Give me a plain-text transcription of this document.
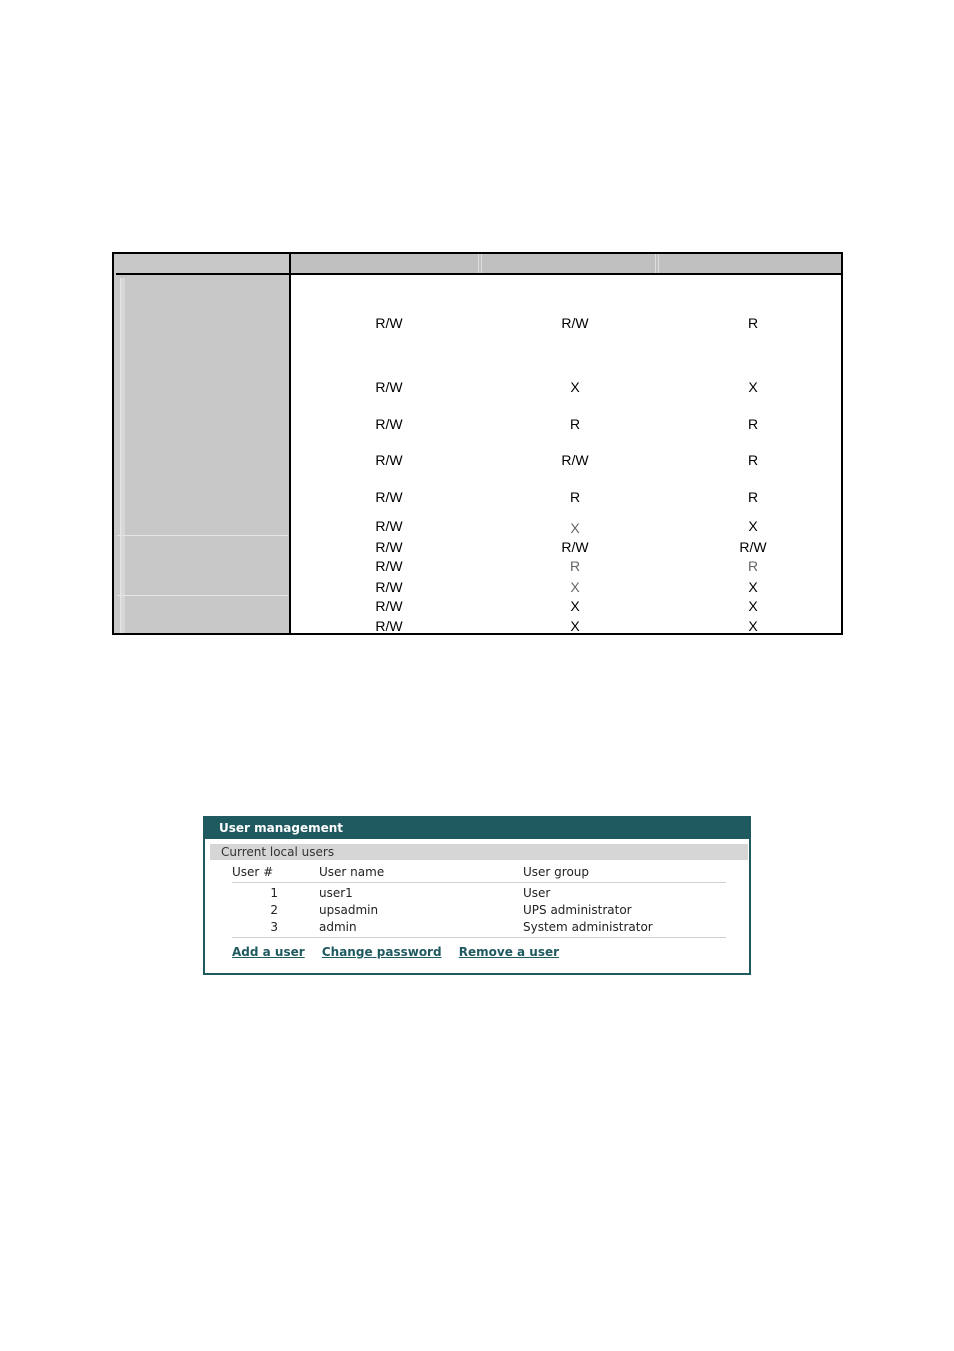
R/W	R/W	R
R/W	X	X
R/W	R	R
R/W	R/W	R
R/W	R	R
R/W	X	X
R/W	R/W	R/W
R/W	R	R
R/W	X	X
R/W	X	X
R/W	X	X
User management
Current local users
User #	User name	User group
1	user1	User
2	upsadmin	UPS administrator
3	admin	System administrator
Add a user Change password Remove a user
